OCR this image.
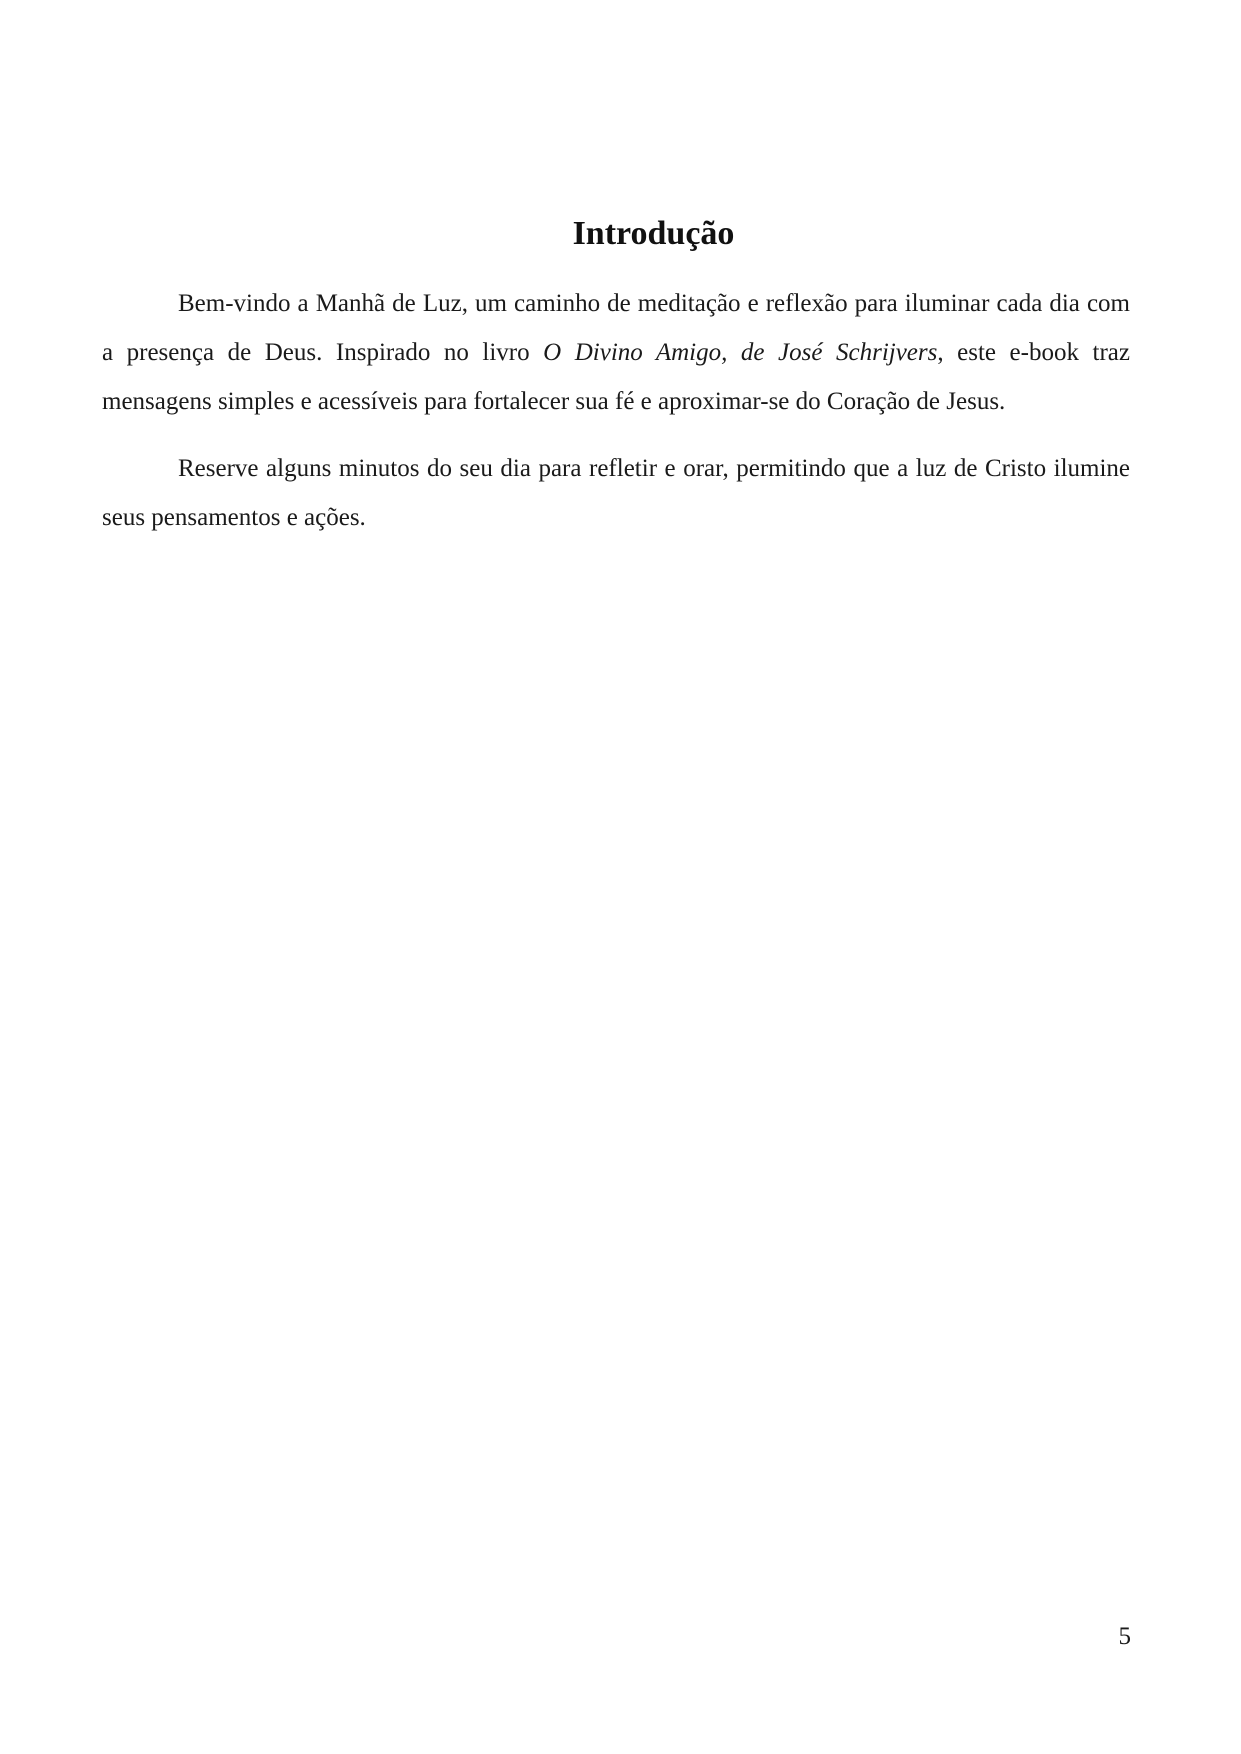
Introdução

Bem-vindo a Manhã de Luz, um caminho de meditação e reflexão para iluminar cada dia com a presença de Deus. Inspirado no livro O Divino Amigo, de José Schrijvers, este e-book traz mensagens simples e acessíveis para fortalecer sua fé e aproximar-se do Coração de Jesus.

Reserve alguns minutos do seu dia para refletir e orar, permitindo que a luz de Cristo ilumine seus pensamentos e ações.

5
